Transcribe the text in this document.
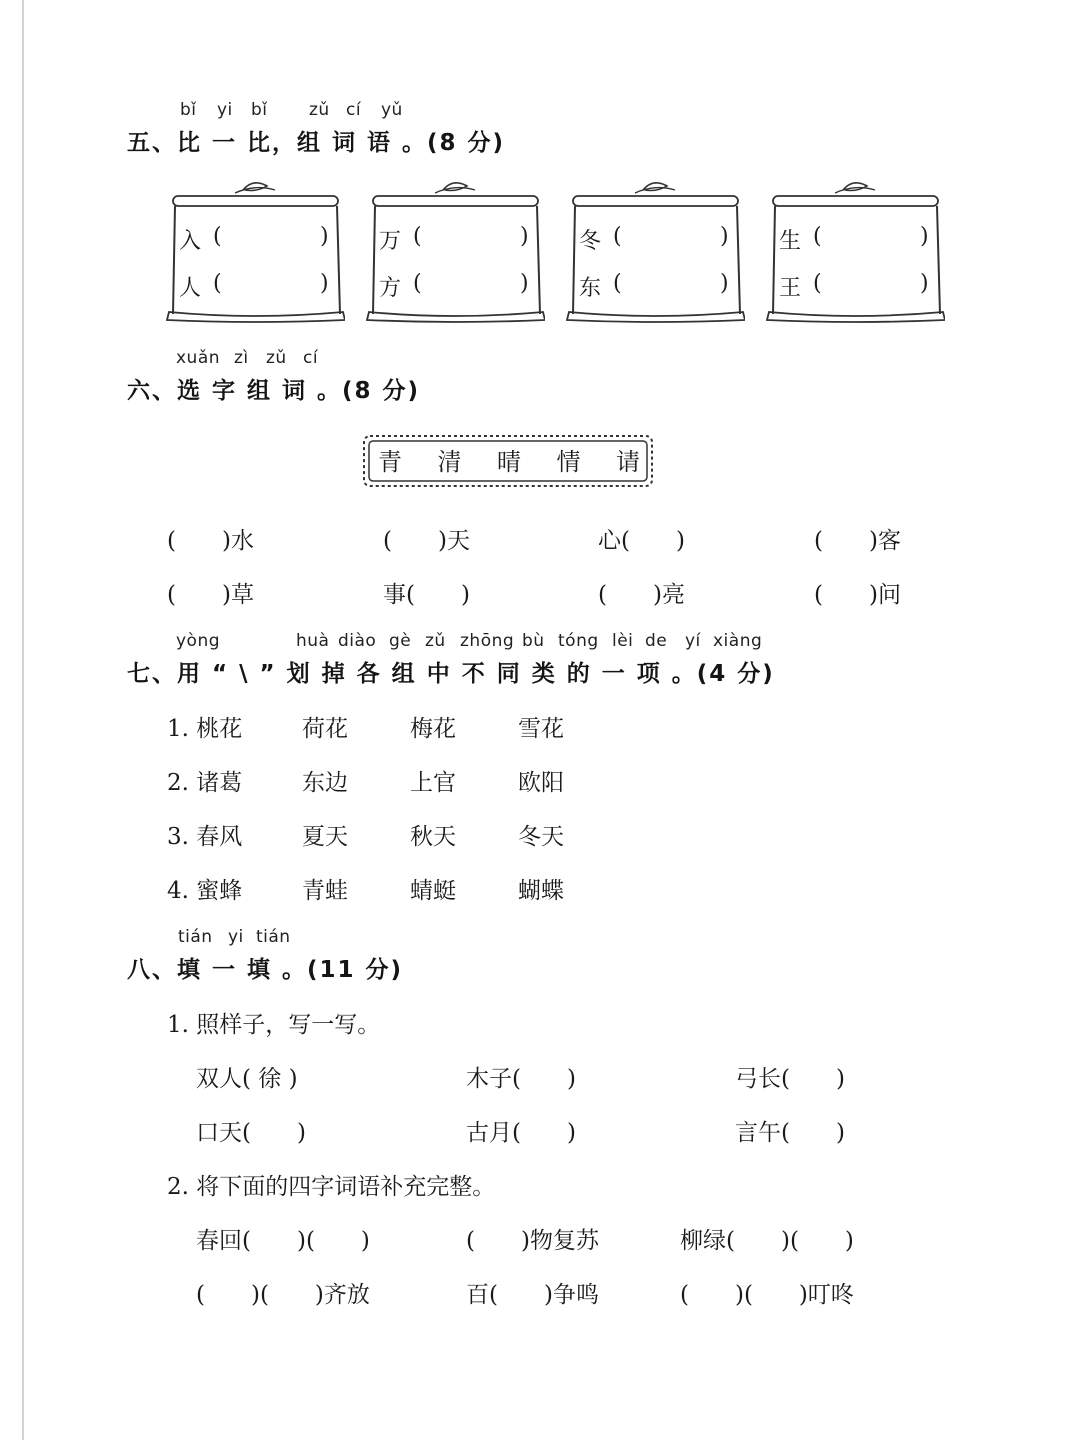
bǐ yi bǐ zǔ cí yǔ
五、比 一 比，组 词 语 。(8 分)
入 (	)
人 (	)
万 (	)
方 (	)
冬 (	)
东 (	)
生 (	)
王 (	)
xuǎn zì zǔ cí
六、选 字 组 词 。(8 分)
青 清 晴 情 请
(　　)水	(　　)天	心(　　)	(　　)客
(　　)草	事(　　)	(　　)亮	(　　)问
yòng	huà diào gè zǔ zhōng bù tóng lèi de yí xiàng
七、用 “ \ ” 划 掉 各 组 中 不 同 类 的 一 项 。(4 分)
1. 桃花	荷花	梅花	雪花
2. 诸葛	东边	上官	欧阳
3. 春风	夏天	秋天	冬天
4. 蜜蜂	青蛙	蜻蜓	蝴蝶
tián yi tián
八、填 一 填 。(11 分)
1. 照样子，写一写。
双人( 徐 )	木子(　　)	弓长(　　)
口天(　　)	古月(　　)	言午(　　)
2. 将下面的四字词语补充完整。
春回(　　)(　　)	(　　)物复苏	柳绿(　　)(　　)
(　　)(　　)齐放	百(　　)争鸣	(　　)(　　)叮咚
